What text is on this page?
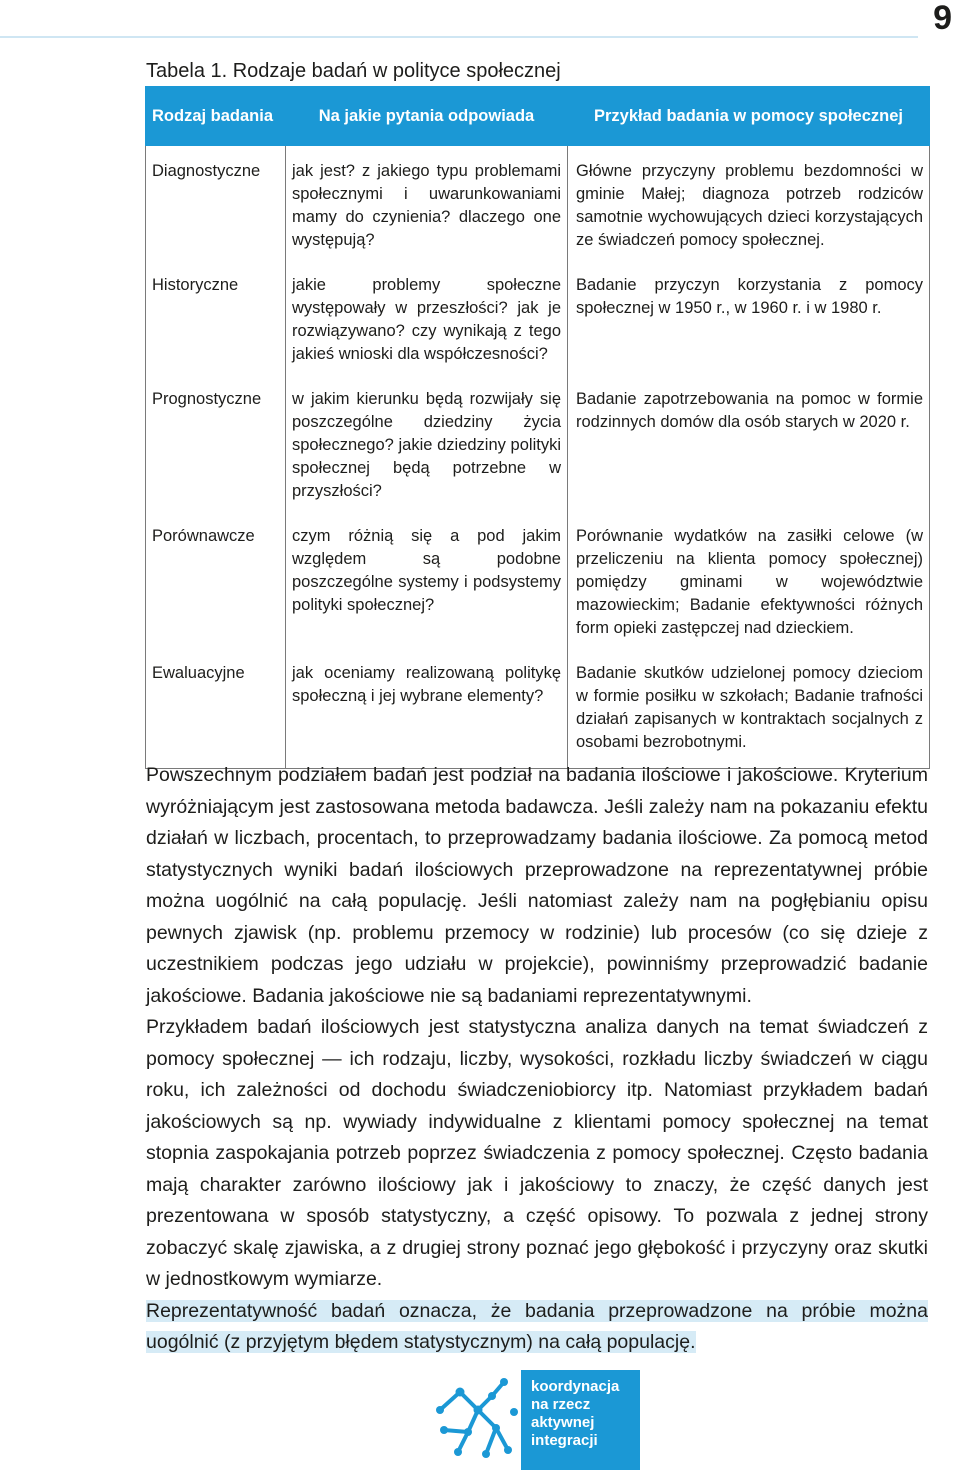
9
Tabela 1. Rodzaje badań w polityce społecznej
Rodzaj badania	Na jakie pytania odpowiada	Przykład badania w pomocy społecznej
Diagnostyczne	jak jest? z jakiego typu problemami społecznymi i uwarunkowaniami mamy do czynienia? dlaczego one występują?	Główne przyczyny problemu bezdomności w gminie Małej; diagnoza potrzeb rodziców samotnie wychowujących dzieci korzystających ze świadczeń pomocy społecznej.
Historyczne	jakie problemy społeczne występowały w przeszłości? jak je rozwiązywano? czy wynikają z tego jakieś wnioski dla współczesności?	Badanie przyczyn korzystania z pomocy społecznej w 1950 r., w 1960 r. i w 1980 r.
Prognostyczne	w jakim kierunku będą rozwijały się poszczególne dziedziny życia społecznego? jakie dziedziny polityki społecznej będą potrzebne w przyszłości?	Badanie zapotrzebowania na pomoc w formie rodzinnych domów dla osób starych w 2020 r.
Porównawcze	czym różnią się a pod jakim względem są podobne poszczególne systemy i podsystemy polityki społecznej?	Porównanie wydatków na zasiłki celowe (w przeliczeniu na klienta pomocy społecznej) pomiędzy gminami w województwie mazowieckim; Badanie efektywności różnych form opieki zastępczej nad dzieckiem.
Ewaluacyjne	jak oceniamy realizowaną politykę społeczną i jej wybrane elementy?	Badanie skutków udzielonej pomocy dzieciom w formie posiłku w szkołach; Badanie trafności działań zapisanych w kontraktach socjalnych z osobami bezrobotnymi.

Powszechnym podziałem badań jest podział na badania ilościowe i jakościowe. Kryterium wyróżniającym jest zastosowana metoda badawcza. Jeśli zależy nam na pokazaniu efektu działań w liczbach, procentach, to przeprowadzamy badania ilościowe. Za pomocą metod statystycznych wyniki badań ilościowych przeprowadzone na reprezentatywnej próbie można uogólnić na całą populację. Jeśli natomiast zależy nam na pogłębianiu opisu pewnych zjawisk (np. problemu przemocy w rodzinie) lub procesów (co się dzieje z uczestnikiem podczas jego udziału w projekcie), powinniśmy przeprowadzić badanie jakościowe. Badania jakościowe nie są badaniami reprezentatywnymi.

Przykładem badań ilościowych jest statystyczna analiza danych na temat świadczeń z pomocy społecznej — ich rodzaju, liczby, wysokości, rozkładu liczby świadczeń w ciągu roku, ich zależności od dochodu świadczeniobiorcy itp. Natomiast przykładem badań jakościowych są np. wywiady indywidualne z klientami pomocy społecznej na temat stopnia zaspokajania potrzeb poprzez świadczenia z pomocy społecznej. Często badania mają charakter zarówno ilościowy jak i jakościowy to znaczy, że część danych jest prezentowana w sposób statystyczny, a część opisowy. To pozwala z jednej strony zobaczyć skalę zjawiska, a z drugiej strony poznać jego głębokość i przyczyny oraz skutki w jednostkowym wymiarze.

Reprezentatywność badań oznacza, że badania przeprowadzone na próbie można uogólnić (z przyjętym błędem statystycznym) na całą populację.

koordynacja
na rzecz
aktywnej
integracji
